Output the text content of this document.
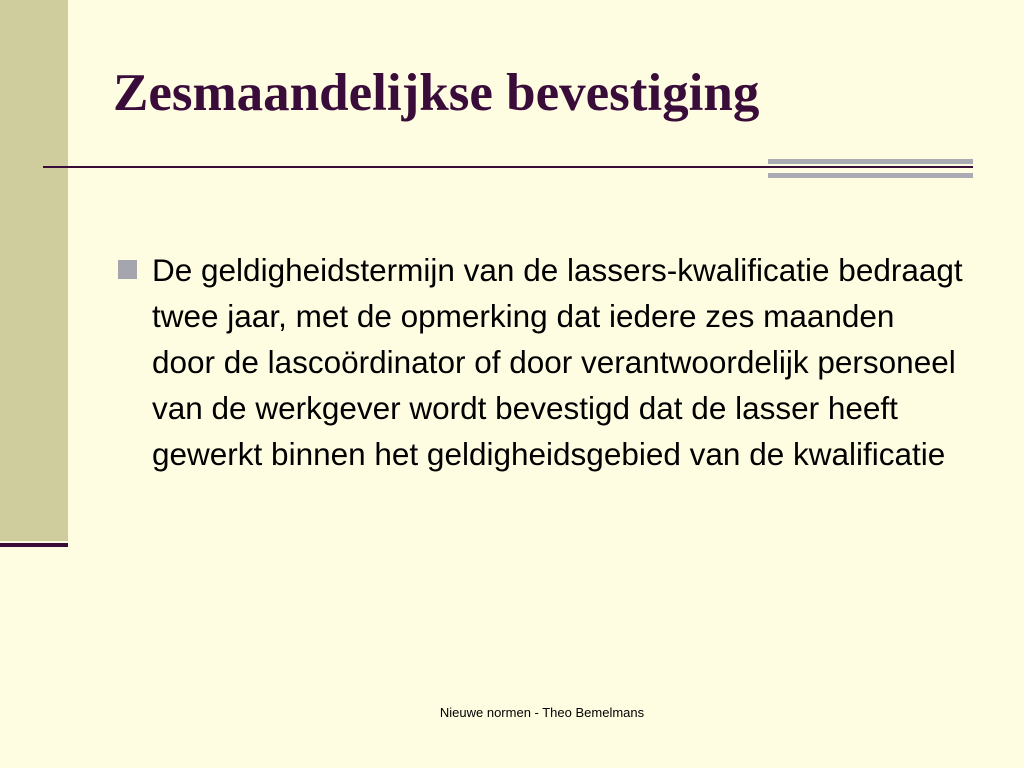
Zesmaandelijkse bevestiging
De geldigheidstermijn van de lassers-kwalificatie bedraagt twee jaar, met de opmerking dat iedere zes maanden door de lascoördinator of door verantwoordelijk personeel van de werkgever wordt bevestigd dat de lasser heeft gewerkt binnen het geldigheidsgebied van de kwalificatie

Nieuwe normen - Theo Bemelmans
